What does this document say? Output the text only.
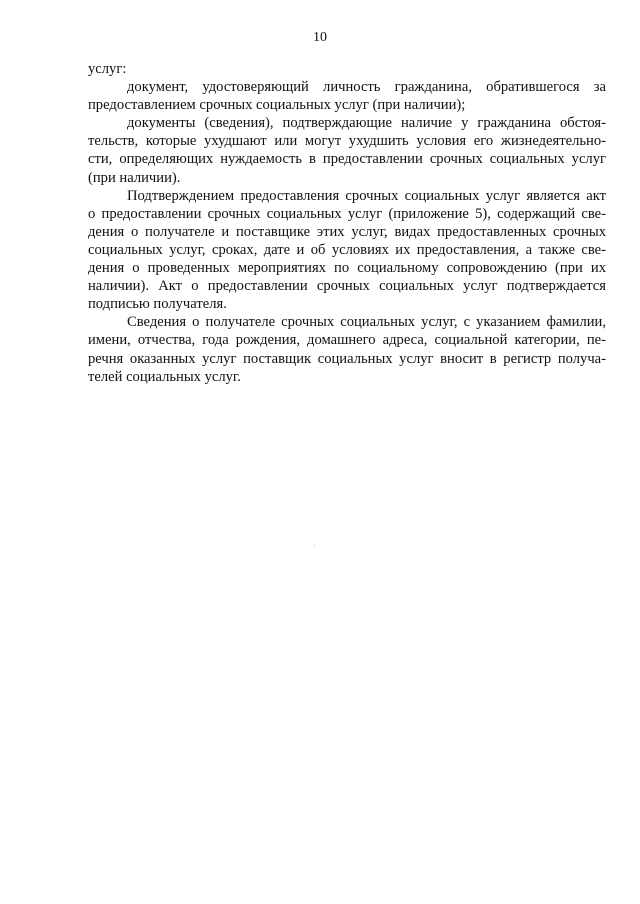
10
услуг:
документ, удостоверяющий личность гражданина, обратившегося за
предоставлением срочных социальных услуг (при наличии);
документы (сведения), подтверждающие наличие у гражданина обстоя-
тельств, которые ухудшают или могут ухудшить условия его жизнедеятельно-
сти, определяющих нуждаемость в предоставлении срочных социальных услуг
(при наличии).
Подтверждением предоставления срочных социальных услуг является акт
о предоставлении срочных социальных услуг (приложение 5), содержащий све-
дения о получателе и поставщике этих услуг, видах предоставленных срочных
социальных услуг, сроках, дате и об условиях их предоставления, а также све-
дения о проведенных мероприятиях по социальному сопровождению (при их
наличии). Акт о предоставлении срочных социальных услуг подтверждается
подписью получателя.
Сведения о получателе срочных социальных услуг, с указанием фамилии,
имени, отчества, года рождения, домашнего адреса, социальной категории, пе-
речня оказанных услуг поставщик социальных услуг вносит в регистр получа-
телей социальных услуг.
